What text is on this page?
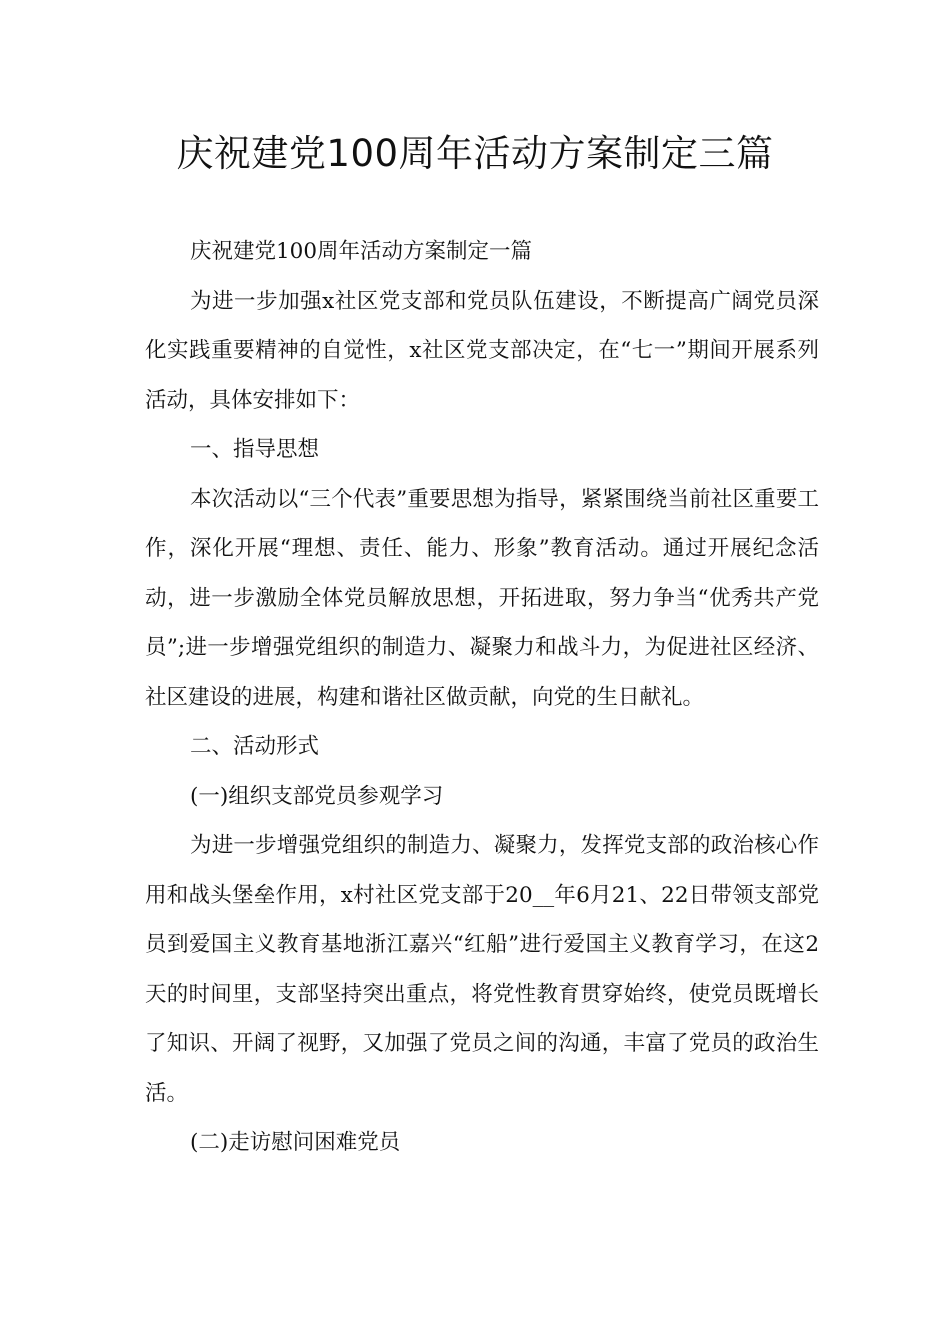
庆祝建党100周年活动方案制定三篇

庆祝建党100周年活动方案制定一篇

为进一步加强x社区党支部和党员队伍建设，不断提高广阔党员深化实践重要精神的自觉性，x社区党支部决定，在“七一”期间开展系列活动，具体安排如下：

一、指导思想

本次活动以“三个代表”重要思想为指导，紧紧围绕当前社区重要工作，深化开展“理想、责任、能力、形象”教育活动。通过开展纪念活动，进一步激励全体党员解放思想，开拓进取，努力争当“优秀共产党员”;进一步增强党组织的制造力、凝聚力和战斗力，为促进社区经济、社区建设的进展，构建和谐社区做贡献，向党的生日献礼。

二、活动形式

(一)组织支部党员参观学习

为进一步增强党组织的制造力、凝聚力，发挥党支部的政治核心作用和战头堡垒作用，x村社区党支部于20__年6月21、22日带领支部党员到爱国主义教育基地浙江嘉兴“红船”进行爱国主义教育学习，在这2天的时间里，支部坚持突出重点，将党性教育贯穿始终，使党员既增长了知识、开阔了视野，又加强了党员之间的沟通，丰富了党员的政治生活。

(二)走访慰问困难党员
